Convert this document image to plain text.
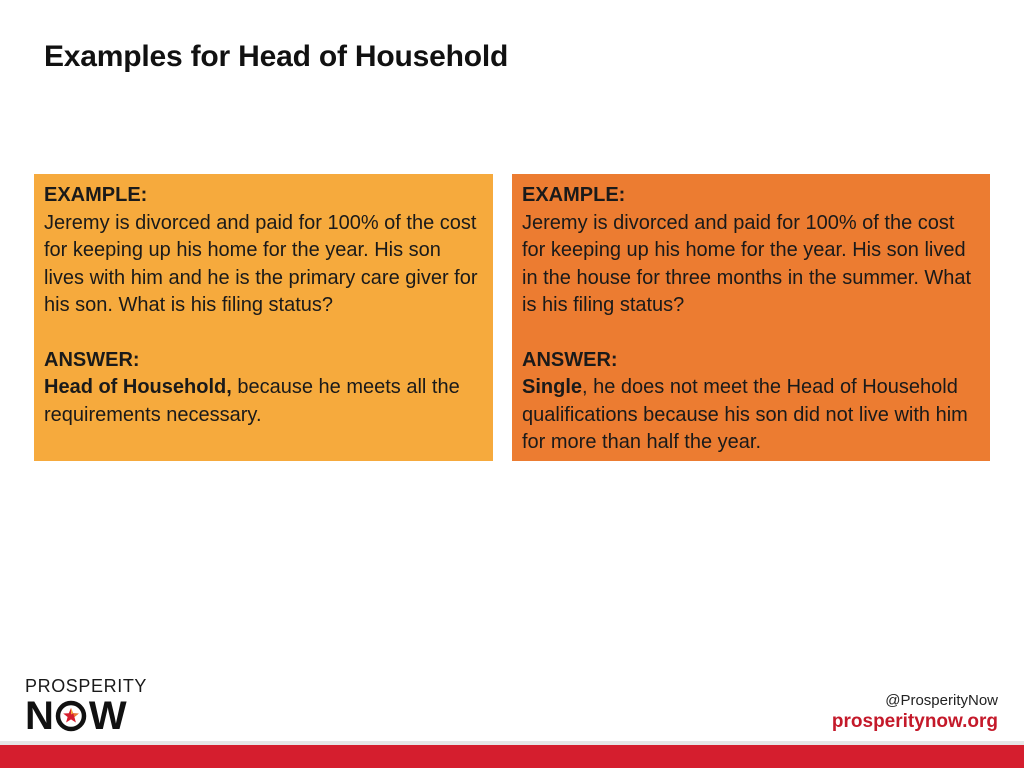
Examples for Head of Household

EXAMPLE:
Jeremy is divorced and paid for 100% of the cost for keeping up his home for the year. His son lives with him and he is the primary care giver for his son. What is his filing status?

ANSWER:
Head of Household, because he meets all the requirements necessary.

EXAMPLE:
Jeremy is divorced and paid for 100% of the cost for keeping up his home for the year. His son lived in the house for three months in the summer. What is his filing status?

ANSWER:
Single, he does not meet the Head of Household qualifications because his son did not live with him for more than half the year.

PROSPERITY
N W	@ProsperityNow
prosperitynow.org
